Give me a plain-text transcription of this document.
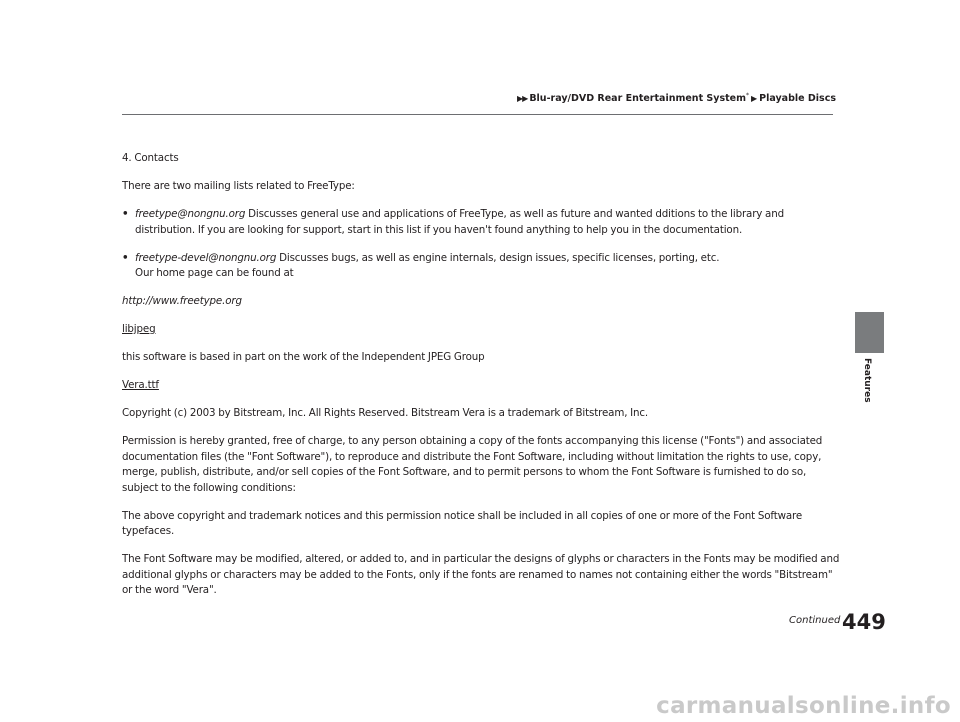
▶▶ Blu-ray/DVD Rear Entertainment System* ▶ Playable Discs
Features

4. Contacts

There are two mailing lists related to FreeType:

• freetype@nongnu.org Discusses general use and applications of FreeType, as well as future and wanted dditions to the library and distribution. If you are looking for support, start in this list if you haven't found anything to help you in the documentation.
• freetype-devel@nongnu.org Discusses bugs, as well as engine internals, design issues, specific licenses, porting, etc.
Our home page can be found at

http://www.freetype.org

libjpeg

this software is based in part on the work of the Independent JPEG Group

Vera.ttf

Copyright (c) 2003 by Bitstream, Inc. All Rights Reserved. Bitstream Vera is a trademark of Bitstream, Inc.

Permission is hereby granted, free of charge, to any person obtaining a copy of the fonts accompanying this license ("Fonts") and associated documentation files (the "Font Software"), to reproduce and distribute the Font Software, including without limitation the rights to use, copy, merge, publish, distribute, and/or sell copies of the Font Software, and to permit persons to whom the Font Software is furnished to do so, subject to the following conditions:

The above copyright and trademark notices and this permission notice shall be included in all copies of one or more of the Font Software typefaces.

The Font Software may be modified, altered, or added to, and in particular the designs of glyphs or characters in the Fonts may be modified and additional glyphs or characters may be added to the Fonts, only if the fonts are renamed to names not containing either the words "Bitstream" or the word "Vera".

Continued 449
carmanualsonline.info
